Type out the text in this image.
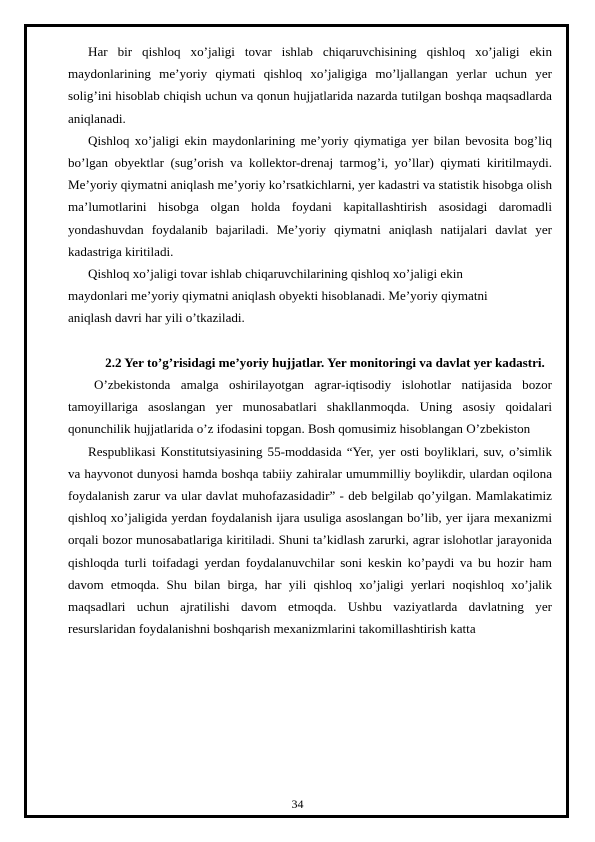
Har bir qishloq xo’jaligi tovar ishlab chiqaruvchisining qishloq xo’jaligi ekin maydonlarining me’yoriy qiymati qishloq xo’jaligiga mo’ljallangan yerlar uchun yer solig’ini hisoblab chiqish uchun va qonun hujjatlarida nazarda tutilgan boshqa maqsadlarda aniqlanadi.

Qishloq xo’jaligi ekin maydonlarining me’yoriy qiymatiga yer bilan bevosita bog’liq bo’lgan obyektlar (sug’orish va kollektor-drenaj tarmog’i, yo’llar) qiymati kiritilmaydi. Me’yoriy qiymatni aniqlash me’yoriy ko’rsatkichlarni, yer kadastri va statistik hisobga olish ma’lumotlarini hisobga olgan holda foydani kapitallashtirish asosidagi daromadli yondashuvdan foydalanib bajariladi. Me’yoriy qiymatni aniqlash natijalari davlat yer kadastriga kiritiladi.

Qishloq xo’jaligi tovar ishlab chiqaruvchilarining qishloq xo’jaligi ekin

maydonlari me’yoriy qiymatni aniqlash obyekti hisoblanadi. Me’yoriy qiymatni

aniqlash davri har yili o’tkaziladi.

2.2 Yer to’g’risidagi me’yoriy hujjatlar. Yer monitoringi va davlat yer kadastri.

O’zbekistonda amalga oshirilayotgan agrar-iqtisodiy islohotlar natijasida bozor tamoyillariga asoslangan yer munosabatlari shakllanmoqda. Uning asosiy qoidalari qonunchilik hujjatlarida o’z ifodasini topgan. Bosh qomusimiz hisoblangan O’zbekiston

Respublikasi Konstitutsiyasining 55-moddasida “Yer, yer osti boyliklari, suv, o’simlik va hayvonot dunyosi hamda boshqa tabiiy zahiralar umummilliy boylikdir, ulardan oqilona foydalanish zarur va ular davlat muhofazasidadir” - deb belgilab qo’yilgan. Mamlakatimiz qishloq xo’jaligida yerdan foydalanish ijara usuliga asoslangan bo’lib, yer ijara mexanizmi orqali bozor munosabatlariga kiritiladi. Shuni ta’kidlash zarurki, agrar islohotlar jarayonida qishloqda turli toifadagi yerdan foydalanuvchilar soni keskin ko’paydi va bu hozir ham davom etmoqda. Shu bilan birga, har yili qishloq xo’jaligi yerlari noqishloq xo’jalik maqsadlari uchun ajratilishi davom etmoqda. Ushbu vaziyatlarda davlatning yer resurslaridan foydalanishni boshqarish mexanizmlarini takomillashtirish katta

34
